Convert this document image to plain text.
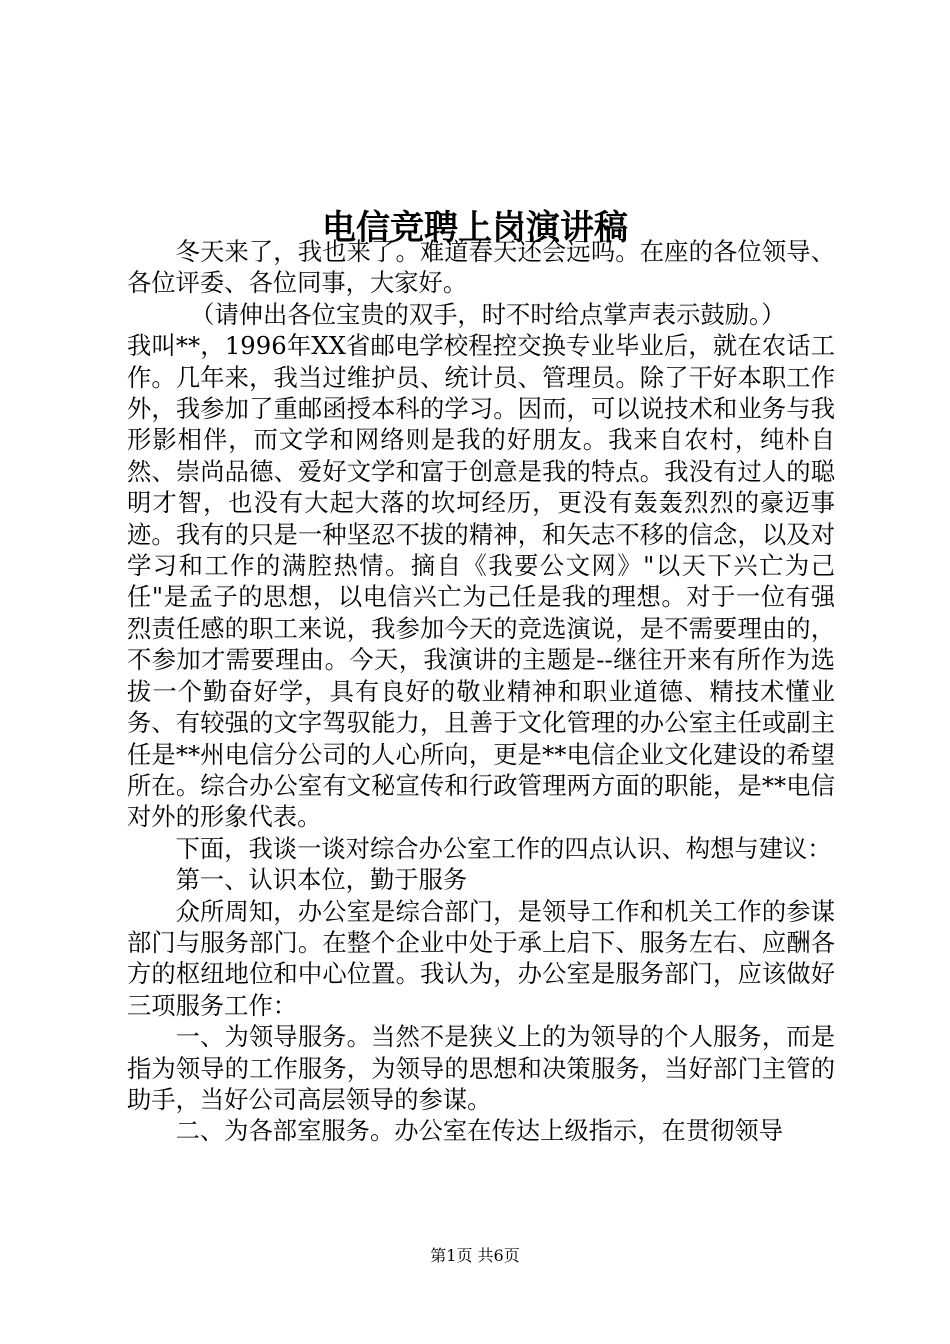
电信竞聘上岗演讲稿

冬天来了，我也来了。难道春天还会远吗。在座的各位领导、各位评委、各位同事，大家好。

（请伸出各位宝贵的双手，时不时给点掌声表示鼓励。）

我叫**，1996年XX省邮电学校程控交换专业毕业后，就在农话工作。几年来，我当过维护员、统计员、管理员。除了干好本职工作外，我参加了重邮函授本科的学习。因而，可以说技术和业务与我形影相伴，而文学和网络则是我的好朋友。我来自农村，纯朴自然、崇尚品德、爱好文学和富于创意是我的特点。我没有过人的聪明才智，也没有大起大落的坎坷经历，更没有轰轰烈烈的豪迈事迹。我有的只是一种坚忍不拔的精神，和矢志不移的信念，以及对学习和工作的满腔热情。摘自《我要公文网》"以天下兴亡为己任"是孟子的思想，以电信兴亡为己任是我的理想。对于一位有强烈责任感的职工来说，我参加今天的竞选演说，是不需要理由的，不参加才需要理由。今天，我演讲的主题是--继往开来有所作为选拔一个勤奋好学，具有良好的敬业精神和职业道德、精技术懂业务、有较强的文字驾驭能力，且善于文化管理的办公室主任或副主任是**州电信分公司的人心所向，更是**电信企业文化建设的希望所在。综合办公室有文秘宣传和行政管理两方面的职能，是**电信对外的形象代表。

下面，我谈一谈对综合办公室工作的四点认识、构想与建议：

第一、认识本位，勤于服务

众所周知，办公室是综合部门，是领导工作和机关工作的参谋部门与服务部门。在整个企业中处于承上启下、服务左右、应酬各方的枢纽地位和中心位置。我认为，办公室是服务部门，应该做好三项服务工作：

一、为领导服务。当然不是狭义上的为领导的个人服务，而是指为领导的工作服务，为领导的思想和决策服务，当好部门主管的助手，当好公司高层领导的参谋。

二、为各部室服务。办公室在传达上级指示，在贯彻领导

第1页 共6页
